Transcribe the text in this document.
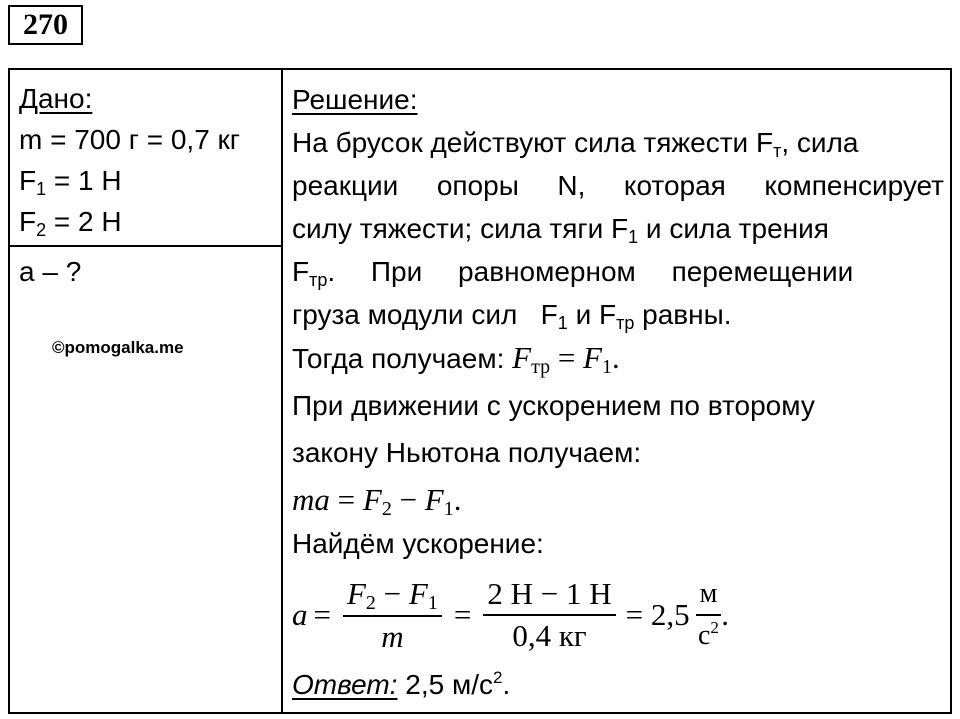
270
Дано:
m = 700 г = 0,7 кг
$F_1 = 1$ Н
$F_2 = 2$ Н
a – ?
©pomogalka.me
Решение:
На брусок действуют сила тяжести $F_т$, сила
реакции опоры N, которая компенсирует
силу тяжести; сила тяги $F_1$ и сила трения
$F_{тр}$. При равномерном перемещении
груза модули сил   $F_1$ и $F_{тр}$ равны.
Тогда получаем: $F_{тр} = F_1$.
При движении с ускорением по второму
закону Ньютона получаем:
ma = $F_2 - F_1$.
Найдём ускорение:
$a = \frac{F_2 - F_1}{m} = \frac{2 Н - 1 Н}{0,4 кг} = 2,5 \frac{м}{с^2}$ .
Ответ: 2,5 $м/с^2$.
